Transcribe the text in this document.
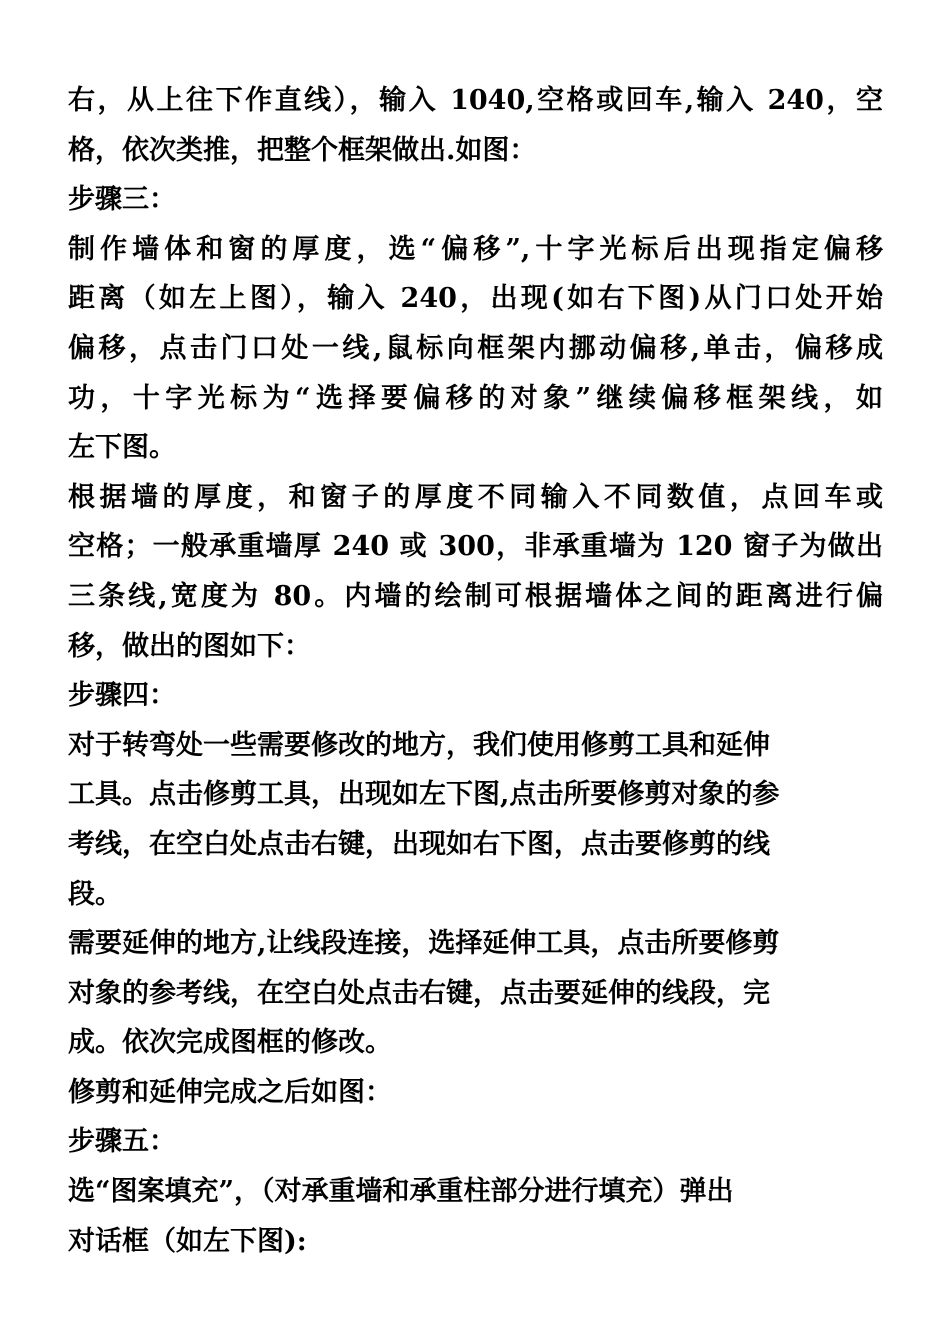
右，从上往下作直线），输入 1040,空格或回车,输入 240，空
格，依次类推，把整个框架做出.如图：
步骤三：
制作墙体和窗的厚度，选“偏移”,十字光标后出现指定偏移
距离（如左上图），输入 240，出现(如右下图)从门口处开始
偏移，点击门口处一线,鼠标向框架内挪动偏移,单击，偏移成
功，十字光标为“选择要偏移的对象”继续偏移框架线，如
左下图。
根据墙的厚度，和窗子的厚度不同输入不同数值，点回车或
空格；一般承重墙厚 240 或 300，非承重墙为 120 窗子为做出
三条线,宽度为 80。内墙的绘制可根据墙体之间的距离进行偏
移，做出的图如下：
步骤四：
对于转弯处一些需要修改的地方，我们使用修剪工具和延伸
工具。点击修剪工具，出现如左下图,点击所要修剪对象的参
考线，在空白处点击右键，出现如右下图，点击要修剪的线
段。
需要延伸的地方,让线段连接，选择延伸工具，点击所要修剪
对象的参考线，在空白处点击右键，点击要延伸的线段，完
成。依次完成图框的修改。
修剪和延伸完成之后如图：
步骤五：
选“图案填充”，（对承重墙和承重柱部分进行填充）弹出
对话框（如左下图):
